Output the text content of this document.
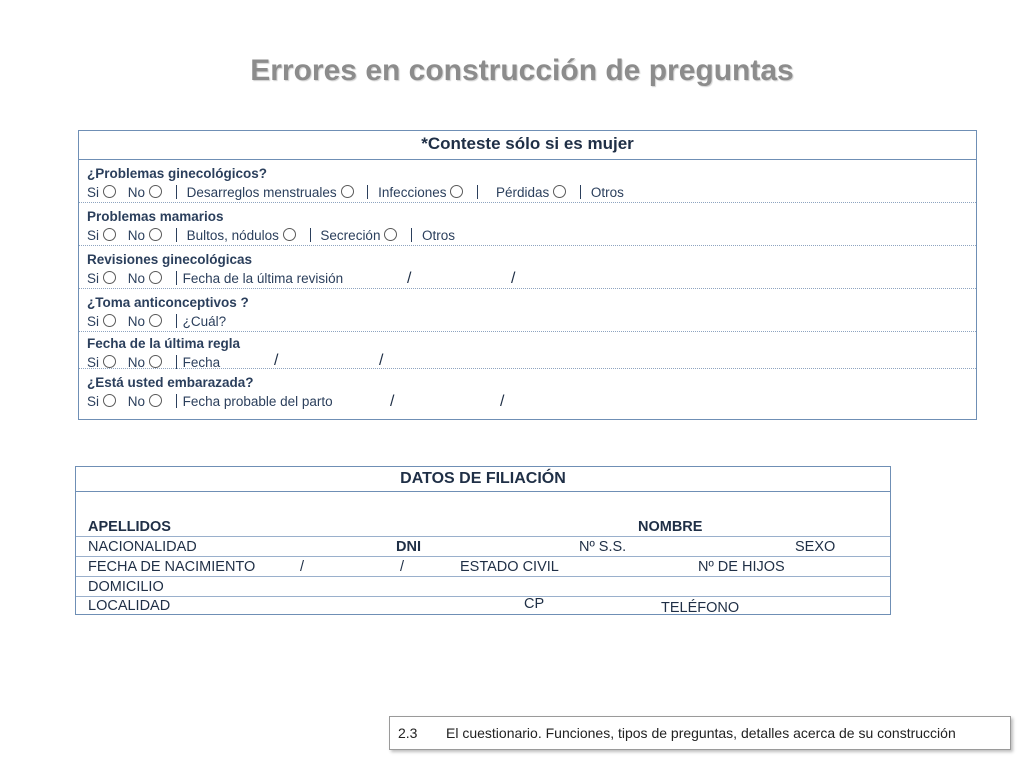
Errores en construcción de preguntas
*Conteste sólo si es mujer
¿Problemas ginecológicos?
Si No	Desarreglos menstruales	Infecciones	Pérdidas	Otros
Problemas mamarios
Si No	Bultos, nódulos	Secreción	Otros
Revisiones ginecológicas
Si No	Fecha de la última revisión	/	/
¿Toma anticonceptivos ?
Si No	¿Cuál?
Fecha de la última regla
Si No	Fecha	/	/
¿Está usted embarazada?
Si No	Fecha probable del parto	/	/
DATOS DE FILIACIÓN
APELLIDOS	NOMBRE
NACIONALIDAD	DNI	Nº S.S.	SEXO
FECHA DE NACIMIENTO	/	/	ESTADO CIVIL	Nº DE HIJOS
DOMICILIO
LOCALIDAD	CP	TELÉFONO
2.3 El cuestionario. Funciones, tipos de preguntas, detalles acerca de su construcción
